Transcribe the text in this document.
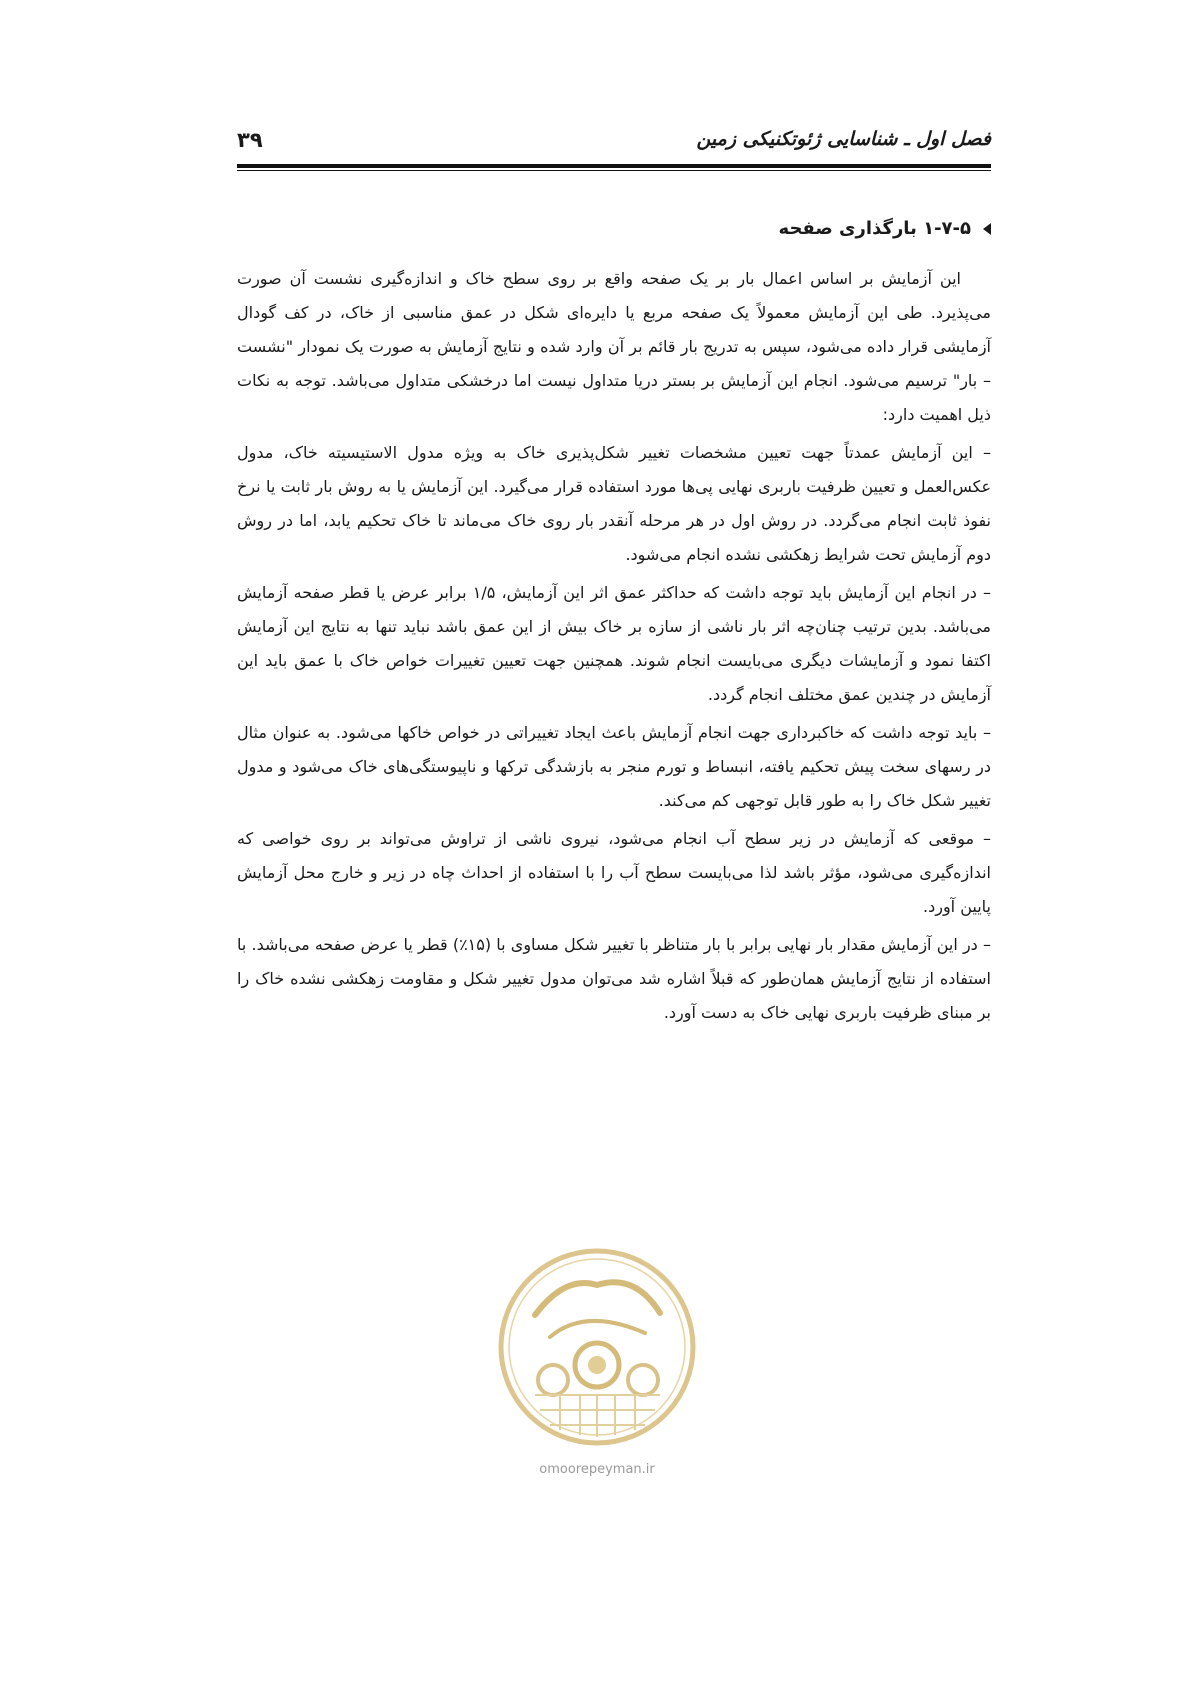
فصل اول ـ شناسایی ژئوتکنیکی زمین
۳۹
۱-۷-۵ بارگذاری صفحه

این آزمایش بر اساس اعمال بار بر یک صفحه واقع بر روی سطح خاک و اندازه‌گیری نشست آن صورت می‌پذیرد. طی این آزمایش معمولاً یک صفحه مربع یا دایره‌ای شکل در عمق مناسبی از خاک، در کف گودال آزمایشی قرار داده می‌شود، سپس به تدریج بار قائم بر آن وارد شده و نتایج آزمایش به صورت یک نمودار "نشست – بار" ترسیم می‌شود. انجام این آزمایش بر بستر دریا متداول نیست اما درخشکی متداول می‌باشد. توجه به نکات ذیل اهمیت دارد:

– این آزمایش عمدتاً جهت تعیین مشخصات تغییر شکل‌پذیری خاک به ویژه مدول الاستیسیته خاک، مدول عکس‌العمل و تعیین ظرفیت باربری نهایی پی‌ها مورد استفاده قرار می‌گیرد. این آزمایش یا به روش بار ثابت یا نرخ نفوذ ثابت انجام می‌گردد. در روش اول در هر مرحله آنقدر بار روی خاک می‌ماند تا خاک تحکیم یابد، اما در روش دوم آزمایش تحت شرایط زهکشی نشده انجام می‌شود.

– در انجام این آزمایش باید توجه داشت که حداکثر عمق اثر این آزمایش، ۱/۵ برابر عرض یا قطر صفحه آزمایش می‌باشد. بدین ترتیب چنان‌چه اثر بار ناشی از سازه بر خاک بیش از این عمق باشد نباید تنها به نتایج این آزمایش اکتفا نمود و آزمایشات دیگری می‌بایست انجام شوند. همچنین جهت تعیین تغییرات خواص خاک با عمق باید این آزمایش در چندین عمق مختلف انجام گردد.

– باید توجه داشت که خاکبرداری جهت انجام آزمایش باعث ایجاد تغییراتی در خواص خاکها می‌شود. به عنوان مثال در رسهای سخت پیش تحکیم یافته، انبساط و تورم منجر به بازشدگی ترکها و ناپیوستگی‌های خاک می‌شود و مدول تغییر شکل خاک را به طور قابل توجهی کم می‌کند.

– موقعی که آزمایش در زیر سطح آب انجام می‌شود، نیروی ناشی از تراوش می‌تواند بر روی خواصی که اندازه‌گیری می‌شود، مؤثر باشد لذا می‌بایست سطح آب را با استفاده از احداث چاه در زیر و خارج محل آزمایش پایین آورد.

– در این آزمایش مقدار بار نهایی برابر با بار متناظر با تغییر شکل مساوی با (۱۵٪) قطر یا عرض صفحه می‌باشد. با استفاده از نتایج آزمایش همان‌طور که قبلاً اشاره شد می‌توان مدول تغییر شکل و مقاومت زهکشی نشده خاک را بر مبنای ظرفیت باربری نهایی خاک به دست آورد.

omoorepeyman.ir
